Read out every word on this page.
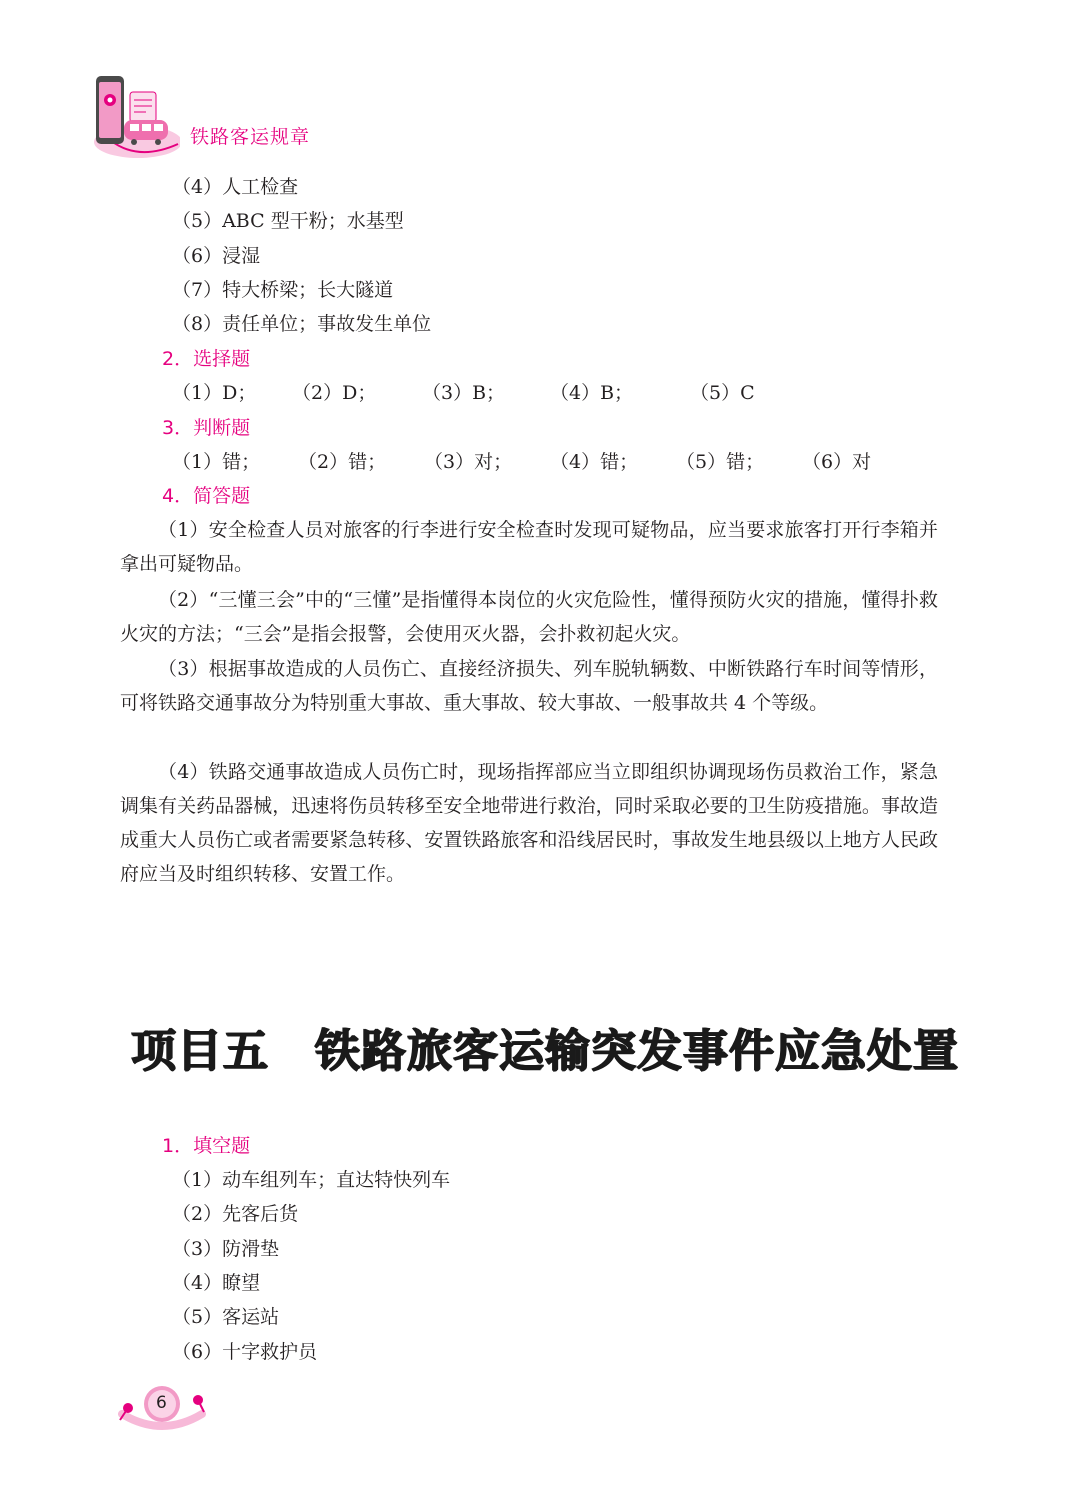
铁路客运规章
（4）人工检查
（5）ABC 型干粉；水基型
（6）浸湿
（7）特大桥梁；长大隧道
（8）责任单位；事故发生单位
2．选择题
（1）D； （2）D； （3）B； （4）B；	（5）C
3．判断题
（1）错； （2）错； （3）对； （4）错； （5）错； （6）对
4．简答题

（1）安全检查人员对旅客的行李进行安全检查时发现可疑物品，应当要求旅客打开行李箱并拿出可疑物品。

（2）“三懂三会”中的“三懂”是指懂得本岗位的火灾危险性，懂得预防火灾的措施，懂得扑救火灾的方法；“三会”是指会报警，会使用灭火器，会扑救初起火灾。

（3）根据事故造成的人员伤亡、直接经济损失、列车脱轨辆数、中断铁路行车时间等情形，可将铁路交通事故分为特别重大事故、重大事故、较大事故、一般事故共 4 个等级。

（4）铁路交通事故造成人员伤亡时，现场指挥部应当立即组织协调现场伤员救治工作，紧急调集有关药品器械，迅速将伤员转移至安全地带进行救治，同时采取必要的卫生防疫措施。事故造成重大人员伤亡或者需要紧急转移、安置铁路旅客和沿线居民时，事故发生地县级以上地方人民政府应当及时组织转移、安置工作。

项目五　铁路旅客运输突发事件应急处置
1．填空题
（1）动车组列车；直达特快列车
（2）先客后货
（3）防滑垫
（4）瞭望
（5）客运站
（6）十字救护员
6
